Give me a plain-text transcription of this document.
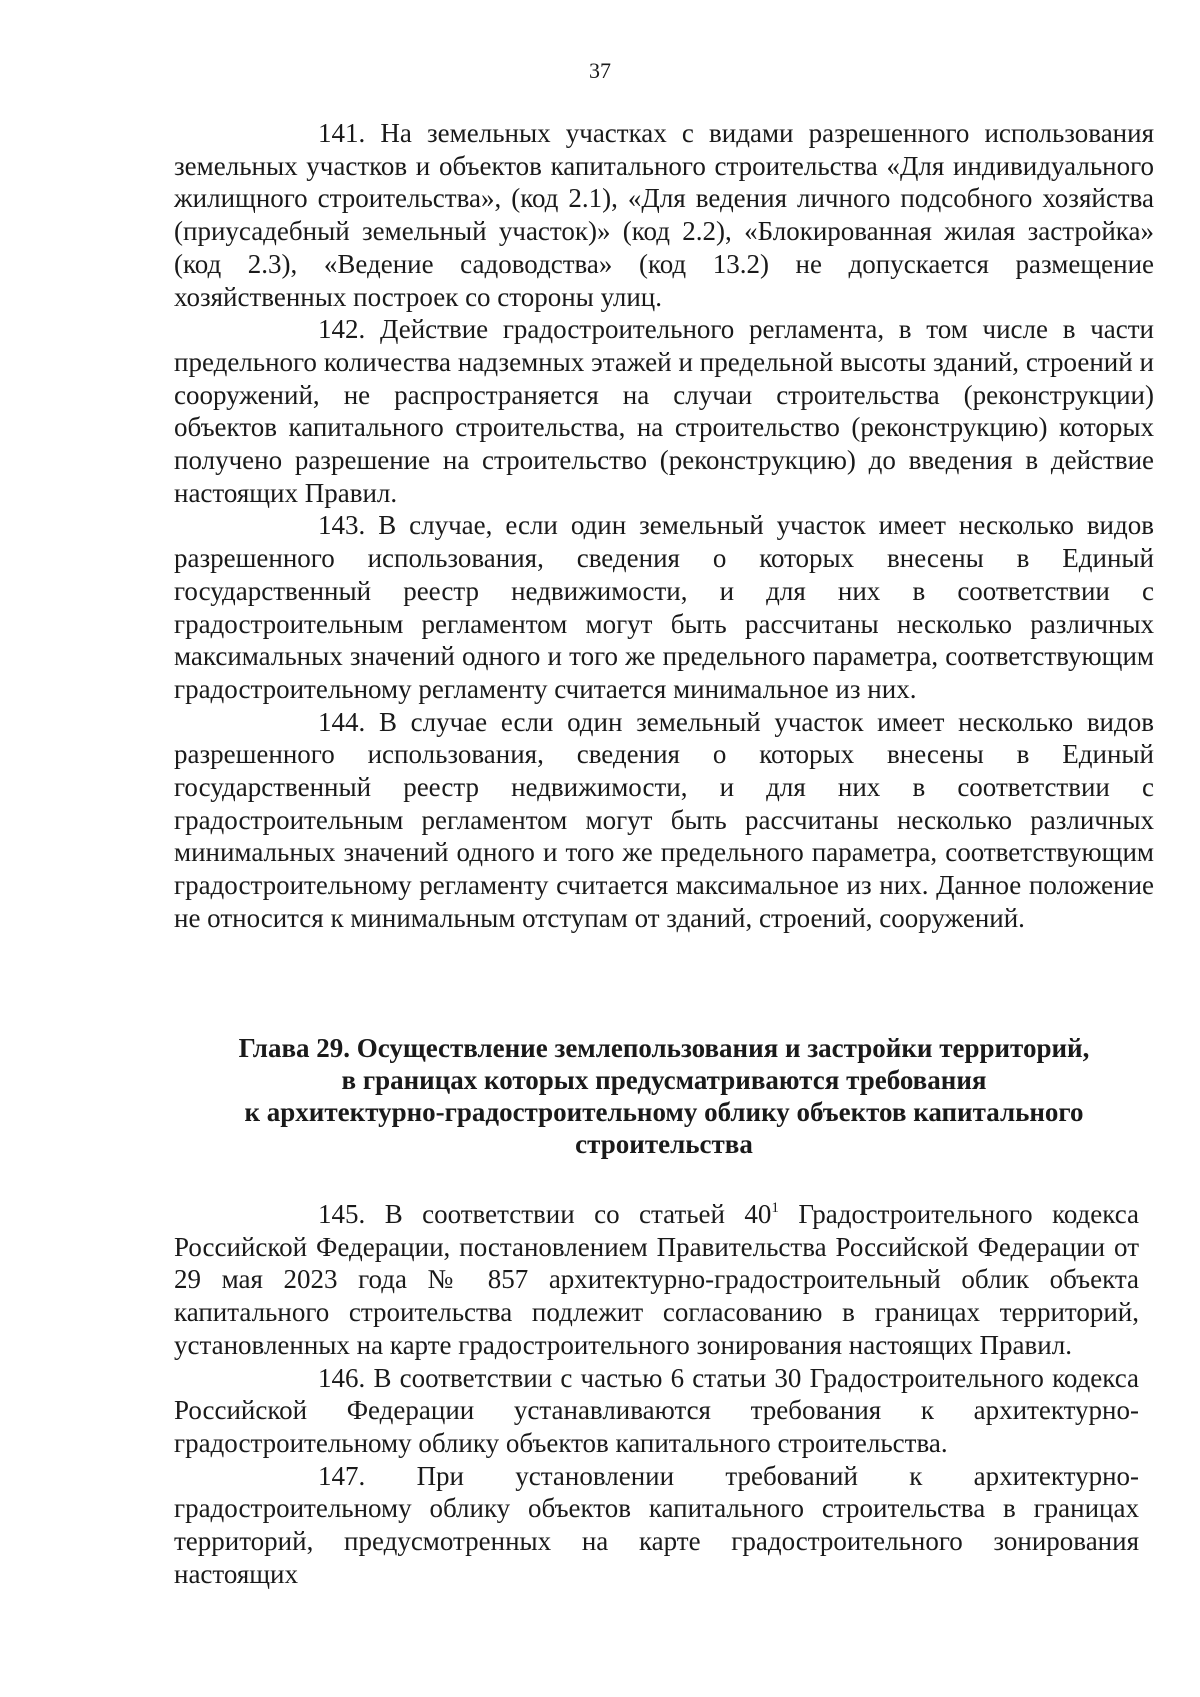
37

141. На земельных участках с видами разрешенного использования земельных участков и объектов капитального строительства «Для индивидуального жилищного строительства», (код 2.1), «Для ведения личного подсобного хозяйства (приусадебный земельный участок)» (код 2.2), «Блокированная жилая застройка» (код 2.3), «Ведение садоводства» (код 13.2) не допускается размещение хозяйственных построек со стороны улиц.

142. Действие градостроительного регламента, в том числе в части предельного количества надземных этажей и предельной высоты зданий, строений и сооружений, не распространяется на случаи строительства (реконструкции) объектов капитального строительства, на строительство (реконструкцию) которых получено разрешение на строительство (реконструкцию) до введения в действие настоящих Правил.

143. В случае, если один земельный участок имеет несколько видов разрешенного использования, сведения о которых внесены в Единый государственный реестр недвижимости, и для них в соответствии с градостроительным регламентом могут быть рассчитаны несколько различных максимальных значений одного и того же предельного параметра, соответствующим градостроительному регламенту считается минимальное из них.

144. В случае если один земельный участок имеет несколько видов разрешенного использования, сведения о которых внесены в Единый государственный реестр недвижимости, и для них в соответствии с градостроительным регламентом могут быть рассчитаны несколько различных минимальных значений одного и того же предельного параметра, соответствующим градостроительному регламенту считается максимальное из них. Данное положение не относится к минимальным отступам от зданий, строений, сооружений.

Глава 29. Осуществление землепользования и застройки территорий,
в границах которых предусматриваются требования
к архитектурно-градостроительному облику объектов капитального
строительства

145. В соответствии со статьей $40^1$ Градостроительного кодекса Российской Федерации, постановлением Правительства Российской Федерации от 29 мая 2023 года № 857 архитектурно-градостроительный облик объекта капитального строительства подлежит согласованию в границах территорий, установленных на карте градостроительного зонирования настоящих Правил.

146. В соответствии с частью 6 статьи 30 Градостроительного кодекса Российской Федерации устанавливаются требования к архитектурно-градостроительному облику объектов капитального строительства.

147. При установлении требований к архитектурно-градостроительному облику объектов капитального строительства в границах территорий, предусмотренных на карте градостроительного зонирования настоящих
